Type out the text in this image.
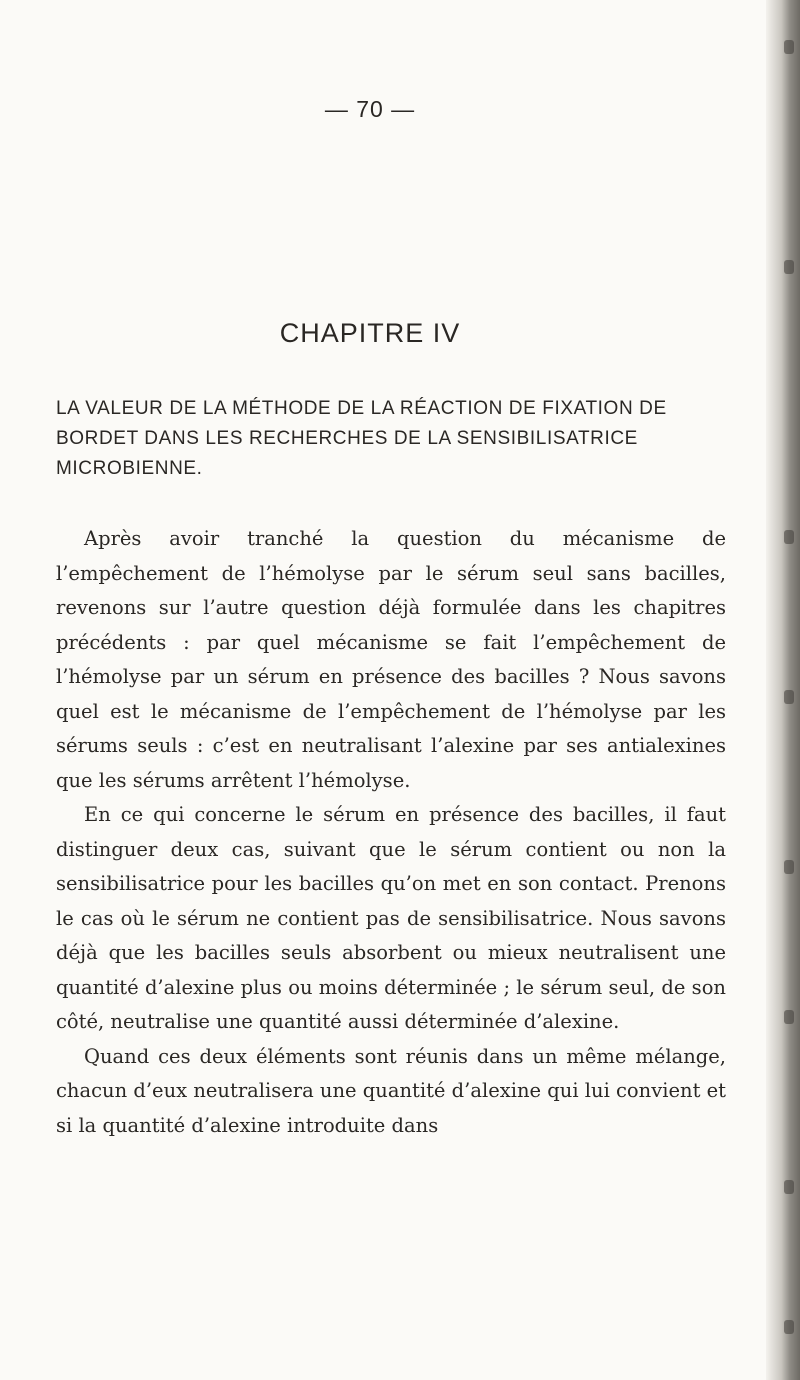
— 70 —
CHAPITRE IV
LA VALEUR DE LA MÉTHODE DE LA RÉACTION DE FIXATION DE BORDET DANS LES RECHERCHES DE LA SENSIBILISATRICE MICROBIENNE.

Après avoir tranché la question du mécanisme de l’empêchement de l’hémolyse par le sérum seul sans bacilles, revenons sur l’autre question déjà formulée dans les chapitres précédents : par quel mécanisme se fait l’empêchement de l’hémolyse par un sérum en présence des bacilles ? Nous savons quel est le mécanisme de l’empêchement de l’hémolyse par les sérums seuls : c’est en neutralisant l’alexine par ses antialexines que les sérums arrêtent l’hémolyse.

En ce qui concerne le sérum en présence des bacilles, il faut distinguer deux cas, suivant que le sérum contient ou non la sensibilisatrice pour les bacilles qu’on met en son contact. Prenons le cas où le sérum ne contient pas de sensibilisatrice. Nous savons déjà que les bacilles seuls absorbent ou mieux neutralisent une quantité d’alexine plus ou moins déterminée ; le sérum seul, de son côté, neutralise une quantité aussi déterminée d’alexine.

Quand ces deux éléments sont réunis dans un même mélange, chacun d’eux neutralisera une quantité d’alexine qui lui convient et si la quantité d’alexine introduite dans
